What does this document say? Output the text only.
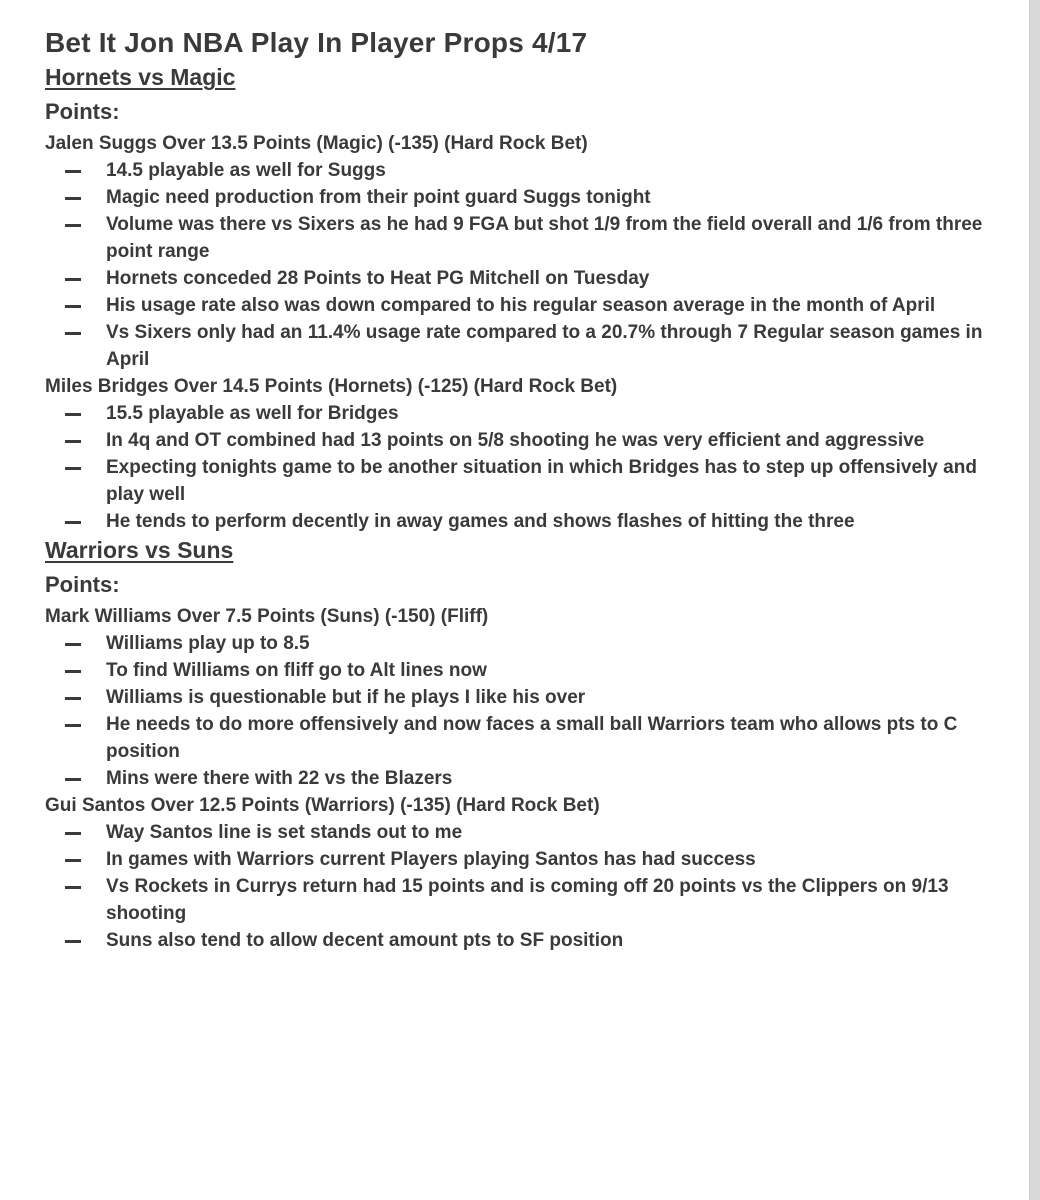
Bet It Jon NBA Play In Player Props 4/17
Hornets vs Magic
Points:
Jalen Suggs Over 13.5 Points (Magic) (-135) (Hard Rock Bet)
14.5 playable as well for Suggs
Magic need production from their point guard Suggs tonight
Volume was there vs Sixers as he had 9 FGA but shot 1/9 from the field overall and 1/6 from three point range
Hornets conceded 28 Points to Heat PG Mitchell on Tuesday
His usage rate also was down compared to his regular season average in the month of April
Vs Sixers only had an 11.4% usage rate compared to a 20.7% through 7 Regular season games in April
Miles Bridges Over 14.5 Points (Hornets) (-125) (Hard Rock Bet)
15.5 playable as well for Bridges
In 4q and OT combined had 13 points on 5/8 shooting he was very efficient and aggressive
Expecting tonights game to be another situation in which Bridges has to step up offensively and play well
He tends to perform decently in away games and shows flashes of hitting the three
Warriors vs Suns
Points:
Mark Williams Over 7.5 Points (Suns) (-150) (Fliff)
Williams play up to 8.5
To find Williams on fliff go to Alt lines now
Williams is questionable but if he plays I like his over
He needs to do more offensively and now faces a small ball Warriors team who allows pts to C position
Mins were there with 22 vs the Blazers
Gui Santos Over 12.5 Points (Warriors) (-135) (Hard Rock Bet)
Way Santos line is set stands out to me
In games with Warriors current Players playing Santos has had success
Vs Rockets in Currys return had 15 points and is coming off 20 points vs the Clippers on 9/13 shooting
Suns also tend to allow decent amount pts to SF position
